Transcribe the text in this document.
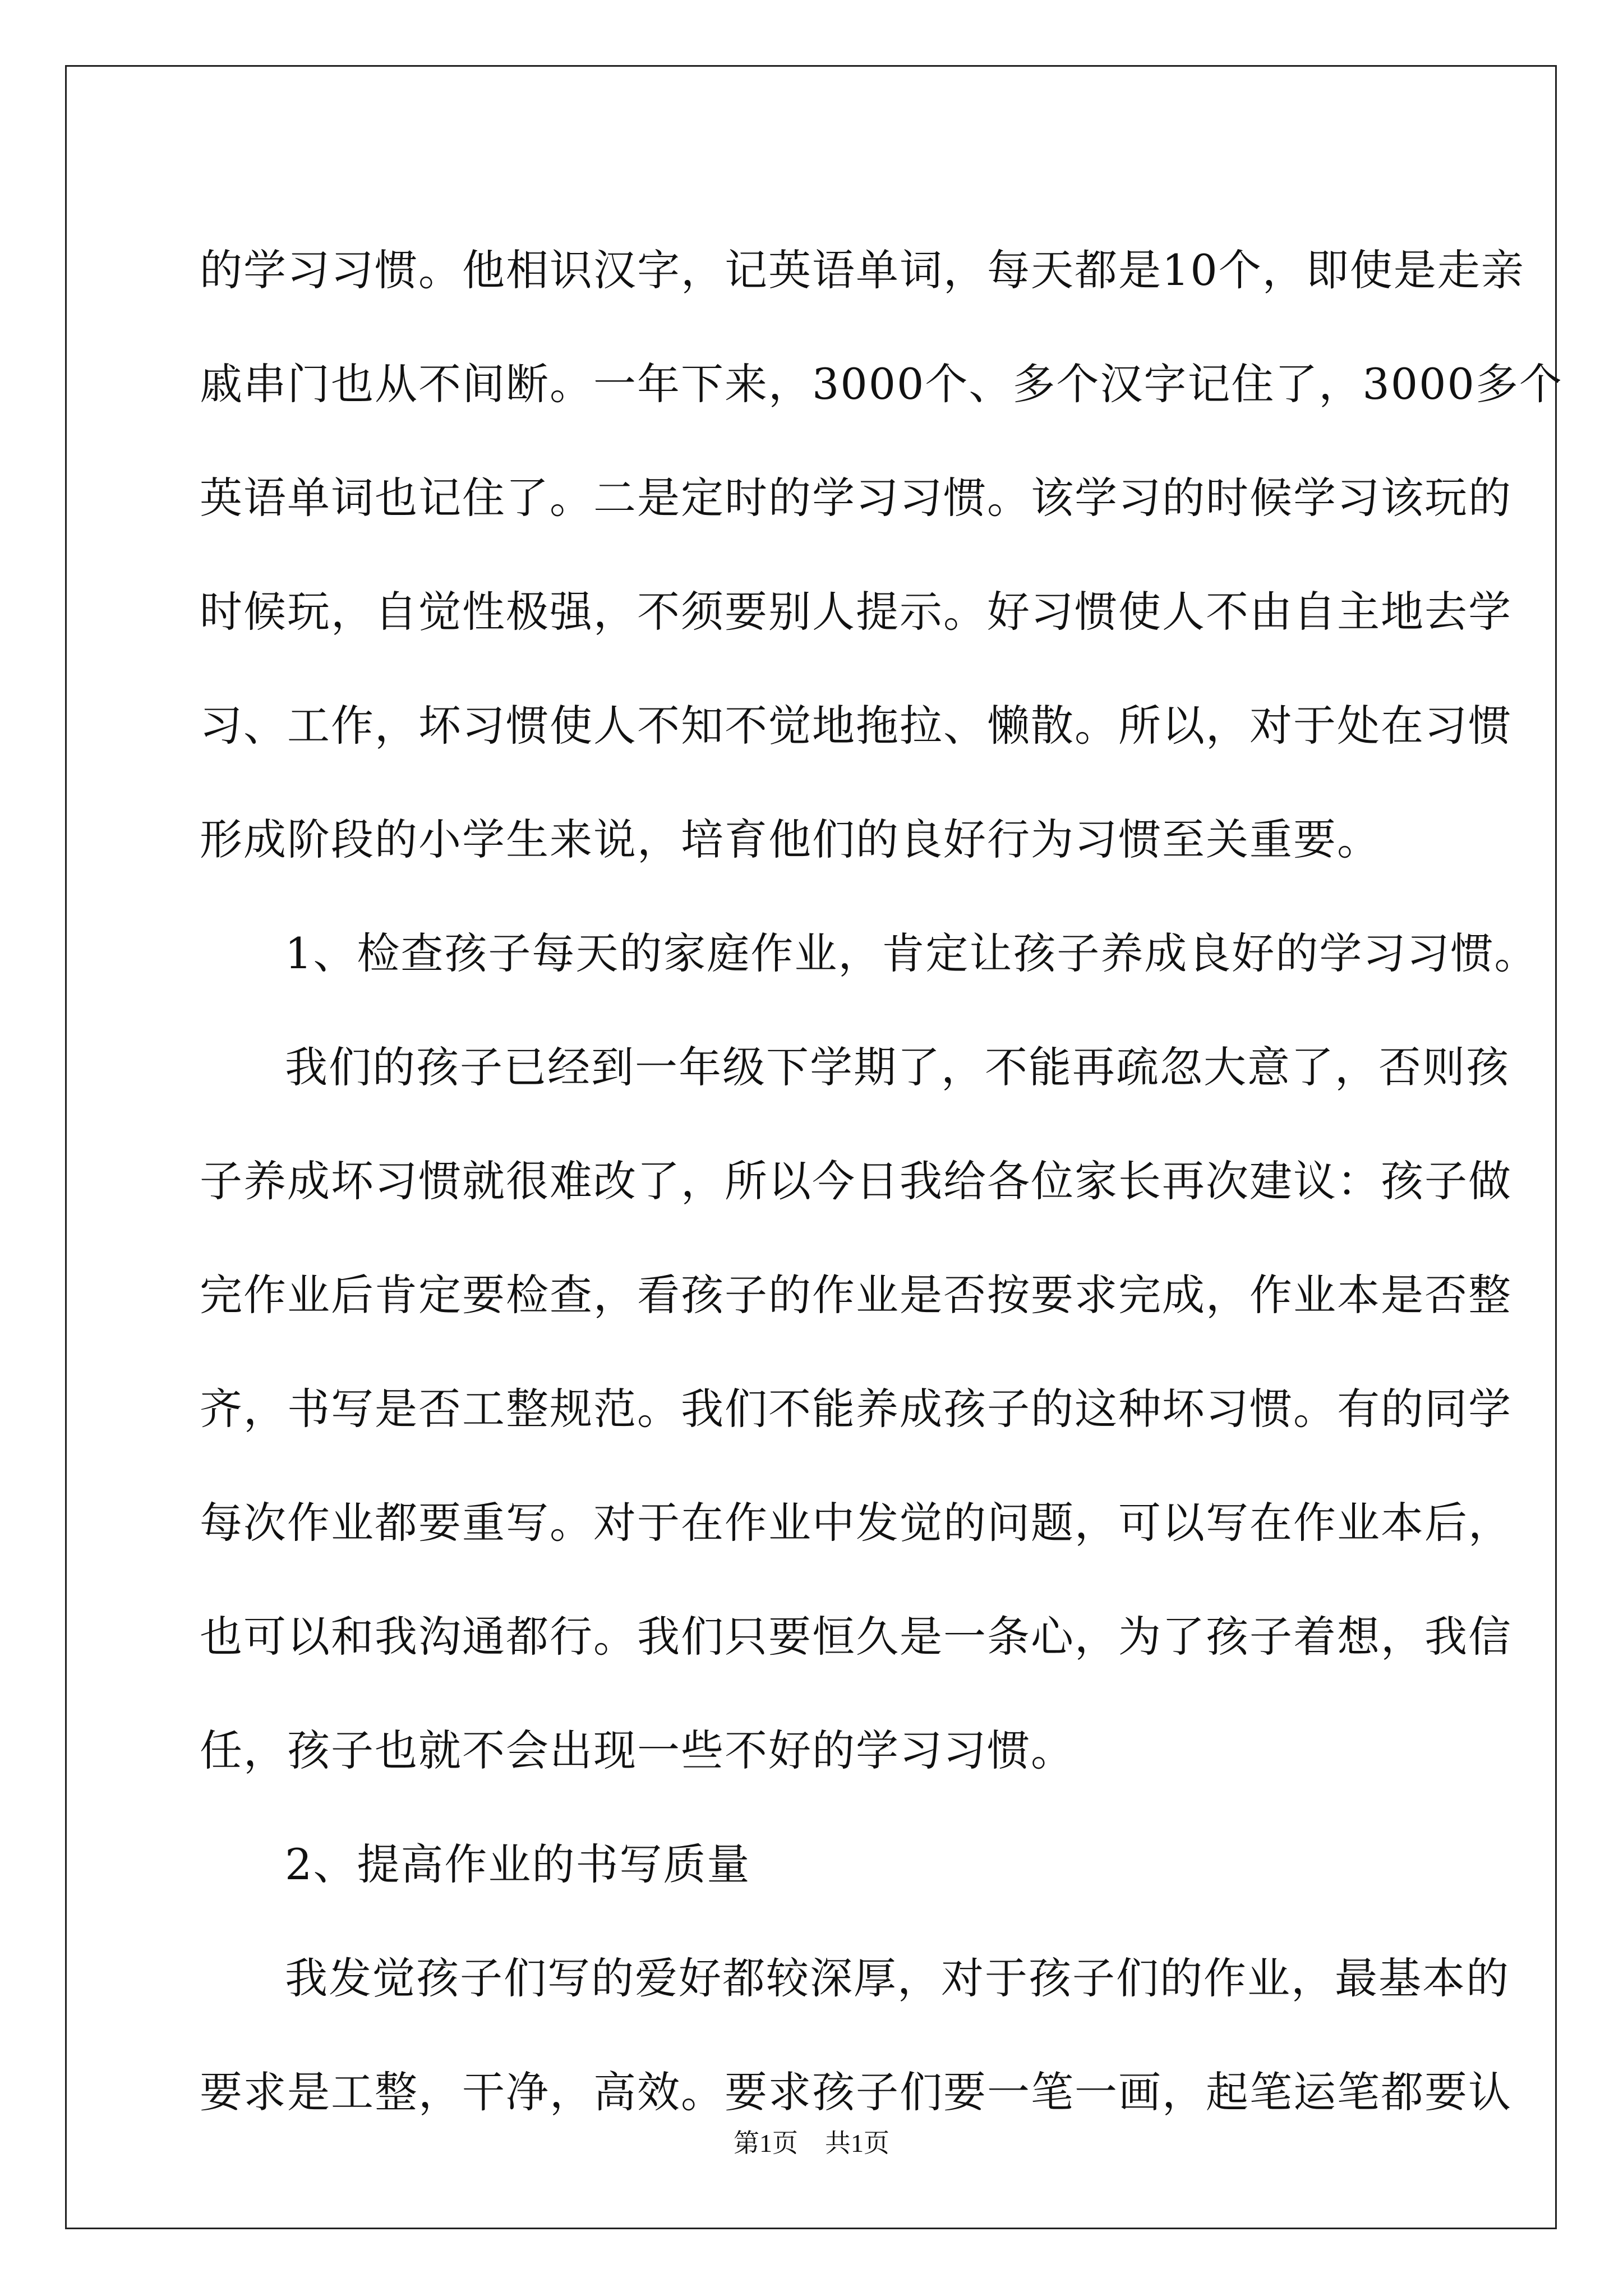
的学习习惯。他相识汉字，记英语单词，每天都是10个，即使是走亲
戚串门也从不间断。一年下来，3000个、多个汉字记住了，3000多个
英语单词也记住了。二是定时的学习习惯。该学习的时候学习该玩的
时候玩，自觉性极强，不须要别人提示。好习惯使人不由自主地去学
习、工作，坏习惯使人不知不觉地拖拉、懒散。所以，对于处在习惯
形成阶段的小学生来说，培育他们的良好行为习惯至关重要。
1、检查孩子每天的家庭作业，肯定让孩子养成良好的学习习惯。
我们的孩子已经到一年级下学期了，不能再疏忽大意了，否则孩
子养成坏习惯就很难改了，所以今日我给各位家长再次建议：孩子做
完作业后肯定要检查，看孩子的作业是否按要求完成，作业本是否整
齐，书写是否工整规范。我们不能养成孩子的这种坏习惯。有的同学
每次作业都要重写。对于在作业中发觉的问题，可以写在作业本后，
也可以和我沟通都行。我们只要恒久是一条心，为了孩子着想，我信
任，孩子也就不会出现一些不好的学习习惯。
2、提高作业的书写质量
我发觉孩子们写的爱好都较深厚，对于孩子们的作业，最基本的
要求是工整，干净，高效。要求孩子们要一笔一画，起笔运笔都要认
第1页 共1页
